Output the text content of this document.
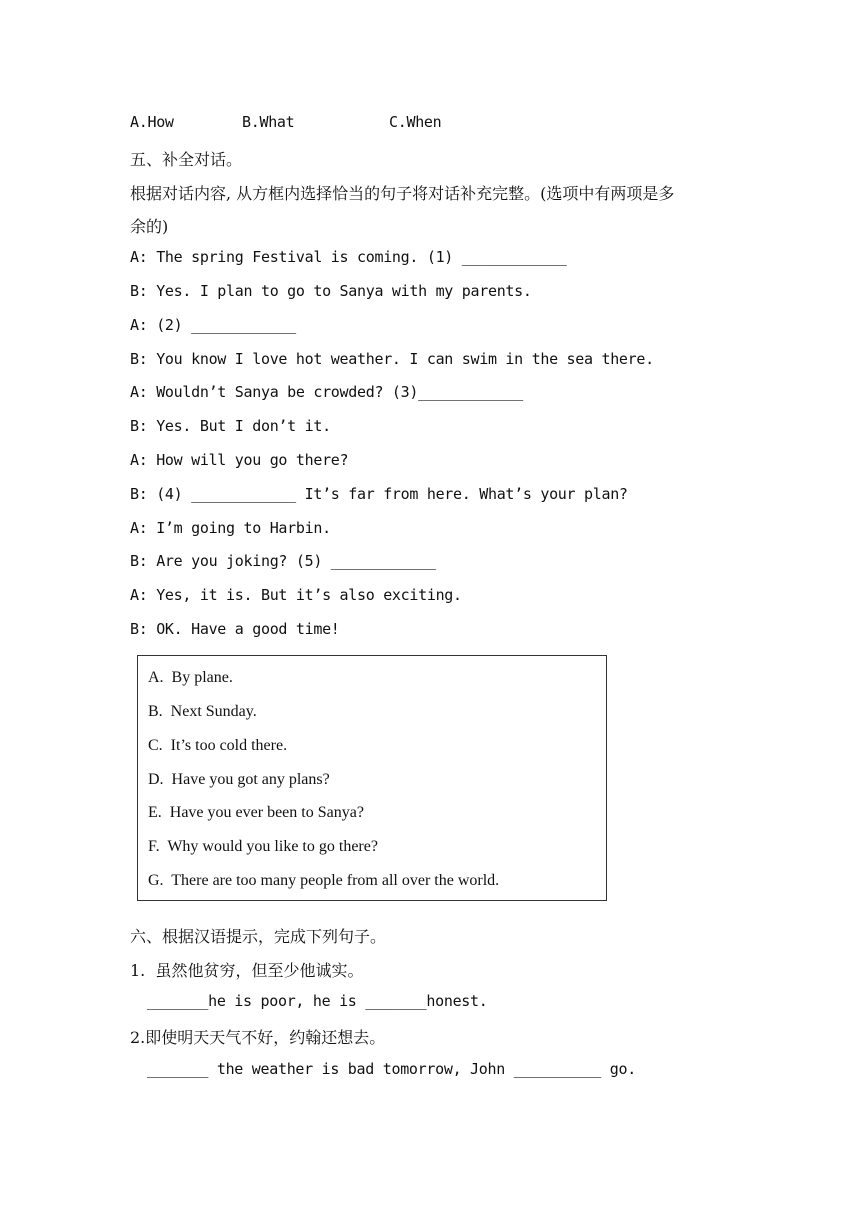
A.How	B.What	C.When
五、补全对话。
根据对话内容, 从方框内选择恰当的句子将对话补充完整。(选项中有两项是多
余的)
A: The spring Festival is coming. (1) ____________
B: Yes. I plan to go to Sanya with my parents.
A: (2) ____________
B: You know I love hot weather. I can swim in the sea there.
A: Wouldn’t Sanya be crowded? (3)____________
B: Yes. But I don’t it.
A: How will you go there?
B: (4) ____________ It’s far from here. What’s your plan?
A: I’m going to Harbin.
B: Are you joking? (5) ____________
A: Yes, it is. But it’s also exciting.
B: OK. Have a good time!
A.  By plane.
B.  Next Sunday.
C.  It’s too cold there.
D.  Have you got any plans?
E.  Have you ever been to Sanya?
F.  Why would you like to go there?
G.  There are too many people from all over the world.
六、根据汉语提示，完成下列句子。
1.  虽然他贫穷，但至少他诚实。
_______he is poor, he is _______honest.
2.即使明天天气不好，约翰还想去。
_______ the weather is bad tomorrow, John __________ go.
